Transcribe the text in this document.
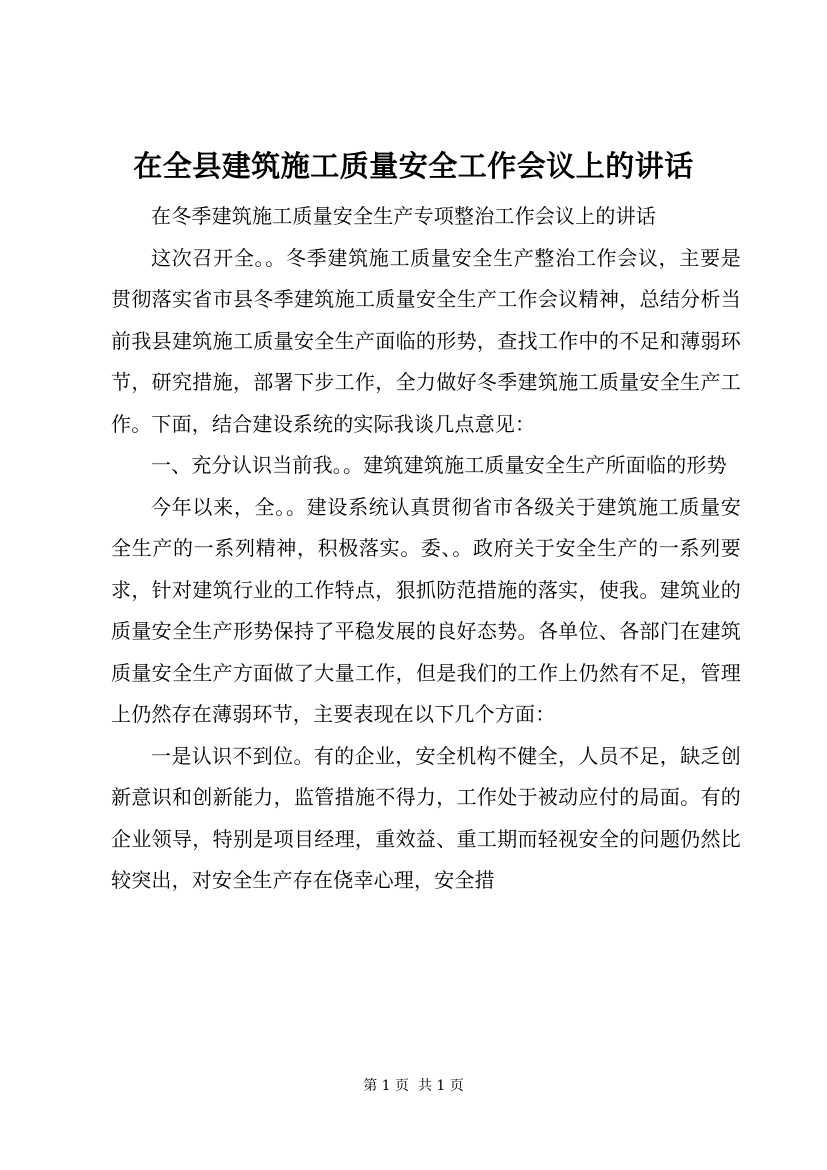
在全县建筑施工质量安全工作会议上的讲话

在冬季建筑施工质量安全生产专项整治工作会议上的讲话

这次召开全。。冬季建筑施工质量安全生产整治工作会议，主要是贯彻落实省市县冬季建筑施工质量安全生产工作会议精神，总结分析当前我县建筑施工质量安全生产面临的形势，查找工作中的不足和薄弱环节，研究措施，部署下步工作，全力做好冬季建筑施工质量安全生产工作。下面，结合建设系统的实际我谈几点意见：

一、充分认识当前我。。建筑建筑施工质量安全生产所面临的形势

今年以来，全。。建设系统认真贯彻省市各级关于建筑施工质量安全生产的一系列精神，积极落实。委、。政府关于安全生产的一系列要求，针对建筑行业的工作特点，狠抓防范措施的落实，使我。建筑业的质量安全生产形势保持了平稳发展的良好态势。各单位、各部门在建筑质量安全生产方面做了大量工作，但是我们的工作上仍然有不足，管理上仍然存在薄弱环节，主要表现在以下几个方面：

一是认识不到位。有的企业，安全机构不健全，人员不足，缺乏创新意识和创新能力，监管措施不得力，工作处于被动应付的局面。有的企业领导，特别是项目经理，重效益、重工期而轻视安全的问题仍然比较突出，对安全生产存在侥幸心理，安全措

第 1 页  共 1 页
